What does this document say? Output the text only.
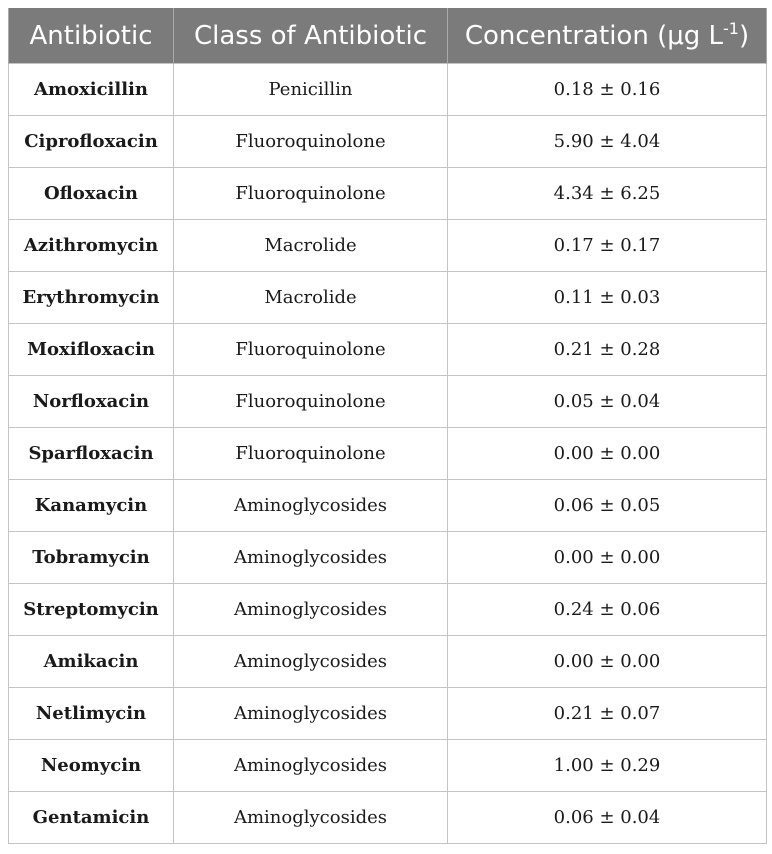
Antibiotic	Class of Antibiotic	Concentration (μg $L^{-1}$)
Amoxicillin	Penicillin	0.18 ± 0.16
Ciprofloxacin	Fluoroquinolone	5.90 ± 4.04
Ofloxacin	Fluoroquinolone	4.34 ± 6.25
Azithromycin	Macrolide	0.17 ± 0.17
Erythromycin	Macrolide	0.11 ± 0.03
Moxifloxacin	Fluoroquinolone	0.21 ± 0.28
Norfloxacin	Fluoroquinolone	0.05 ± 0.04
Sparfloxacin	Fluoroquinolone	0.00 ± 0.00
Kanamycin	Aminoglycosides	0.06 ± 0.05
Tobramycin	Aminoglycosides	0.00 ± 0.00
Streptomycin	Aminoglycosides	0.24 ± 0.06
Amikacin	Aminoglycosides	0.00 ± 0.00
Netlimycin	Aminoglycosides	0.21 ± 0.07
Neomycin	Aminoglycosides	1.00 ± 0.29
Gentamicin	Aminoglycosides	0.06 ± 0.04
